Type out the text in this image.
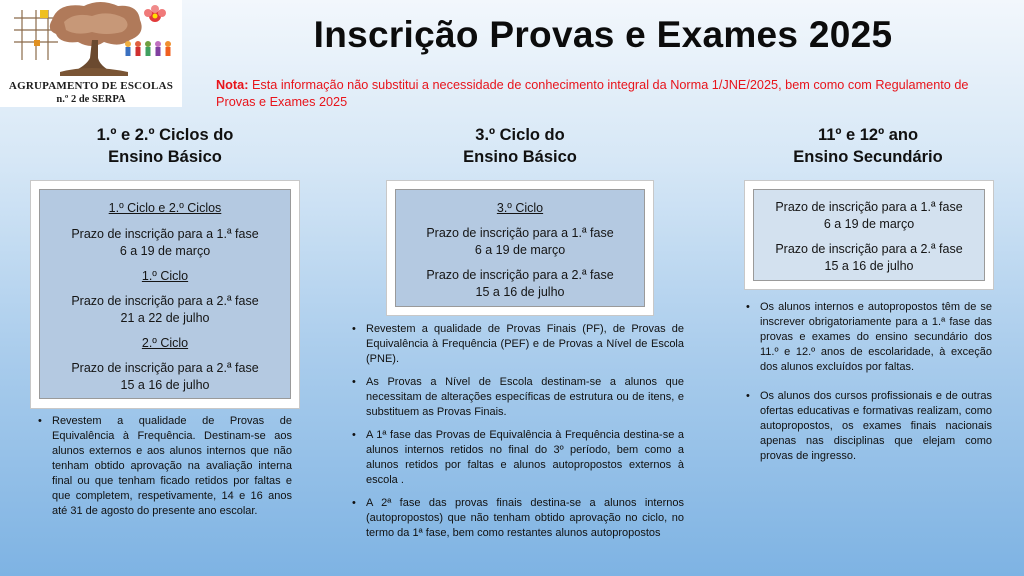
AGRUPAMENTO DE ESCOLAS
n.º 2 de SERPA
Inscrição Provas e Exames 2025
Nota: Esta informação não substitui a necessidade de conhecimento integral da Norma 1/JNE/2025, bem como com Regulamento de Provas e Exames 2025
1.º e 2.º Ciclos do
Ensino Básico
1.º Ciclo e 2.º Ciclos
Prazo de inscrição para a 1.ª fase
6 a 19 de março
1.º Ciclo
Prazo de inscrição para a 2.ª fase
21 a 22 de julho
2.º Ciclo
Prazo de inscrição para a 2.ª fase
15 a 16 de julho
• Revestem a qualidade de Provas de Equivalência à Frequência. Destinam-se aos alunos externos e aos alunos internos que não tenham obtido aprovação na avaliação interna final ou que tenham ficado retidos por faltas e que completem, respetivamente, 14 e 16 anos até 31 de agosto do presente ano escolar.
3.º Ciclo do
Ensino Básico
3.º Ciclo
Prazo de inscrição para a 1.ª fase
6 a 19 de março
Prazo de inscrição para a 2.ª fase
15 a 16 de julho
• Revestem a qualidade de Provas Finais (PF), de Provas de Equivalência à Frequência (PEF) e de Provas a Nível de Escola (PNE).
• As Provas a Nível de Escola destinam-se a alunos que necessitam de alterações específicas de estrutura ou de itens, e substituem as Provas Finais.
• A 1ª fase das Provas de Equivalência à Frequência destina-se a alunos internos retidos no final do 3º período, bem como a alunos retidos por faltas e alunos autopropostos externos à escola .
• A 2ª fase das provas finais destina-se a alunos internos (autopropostos) que não tenham obtido aprovação no ciclo, no termo da 1ª fase, bem como restantes alunos autopropostos
11º e 12º ano
Ensino Secundário
Prazo de inscrição para a 1.ª fase
6 a 19 de março
Prazo de inscrição para a 2.ª fase
15 a 16 de julho
• Os alunos internos e autopropostos têm de se inscrever obrigatoriamente para a 1.ª fase das provas e exames do ensino secundário dos 11.º e 12.º anos de escolaridade, à exceção dos alunos excluídos por faltas.
• Os alunos dos cursos profissionais e de outras ofertas educativas e formativas realizam, como autopropostos, os exames finais nacionais apenas nas disciplinas que elejam como provas de ingresso.
